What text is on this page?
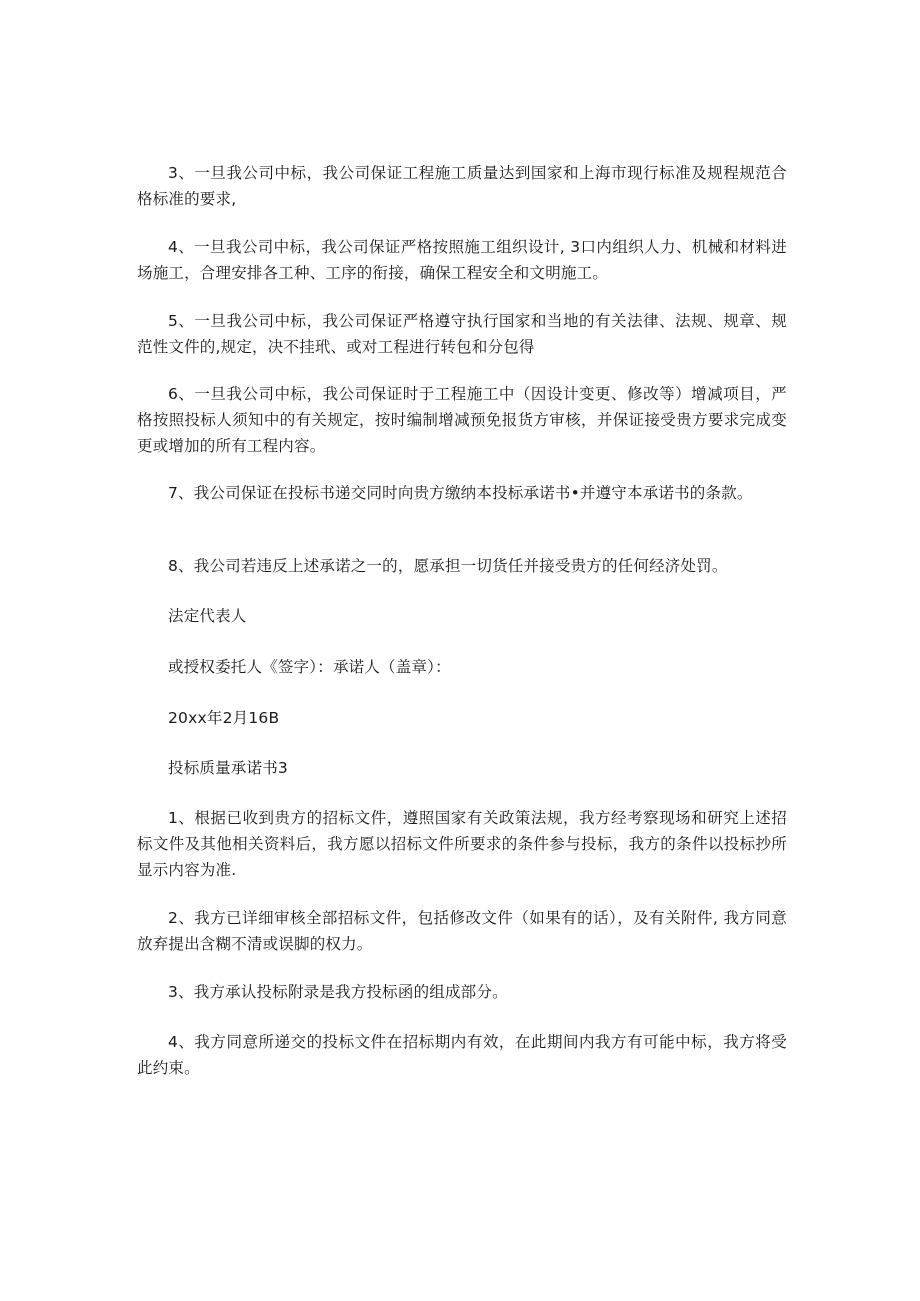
3、一旦我公司中标，我公司保证工程施工质量达到国家和上海市现行标准及规程规范合格标准的要求,

4、一旦我公司中标，我公司保证严格按照施工组织设计, 3口内组织人力、机械和材料进场施工，合理安排各工种、工序的衔接，确保工程安全和文明施工。

5、一旦我公司中标，我公司保证严格遵守执行国家和当地的有关法律、法规、规章、规范性文件的,规定，决不挂玳、或对工程进行转包和分包得

6、一旦我公司中标，我公司保证时于工程施工中（因设计变更、修改等）增减项目，严格按照投标人须知中的有关规定，按时编制增减预免报货方审核，并保证接受贵方要求完成变更或增加的所有工程内容。

7、我公司保证在投标书递交同时向贵方缴纳本投标承诺书•并遵守本承诺书的条款。

8、我公司若违反上述承诺之一的，愿承担一切货任并接受贵方的任何经济处罚。

法定代表人

或授权委托人《签字）：承诺人（盖章）：

20xx年2月16B

投标质量承诺书3

1、根据已收到贵方的招标文件，遵照国家有关政策法规，我方经考察现场和研究上述招标文件及其他相关资料后，我方愿以招标文件所要求的条件参与投标，我方的条件以投标抄所显示内容为准.

2、我方已详细审核全部招标文件，包括修改文件（如果有的话），及有关附件, 我方同意放弃提出含糊不清或误脚的权力。

3、我方承认投标附录是我方投标函的组成部分。

4、我方同意所递交的投标文件在招标期内有效，在此期间内我方有可能中标，我方将受此约束。
